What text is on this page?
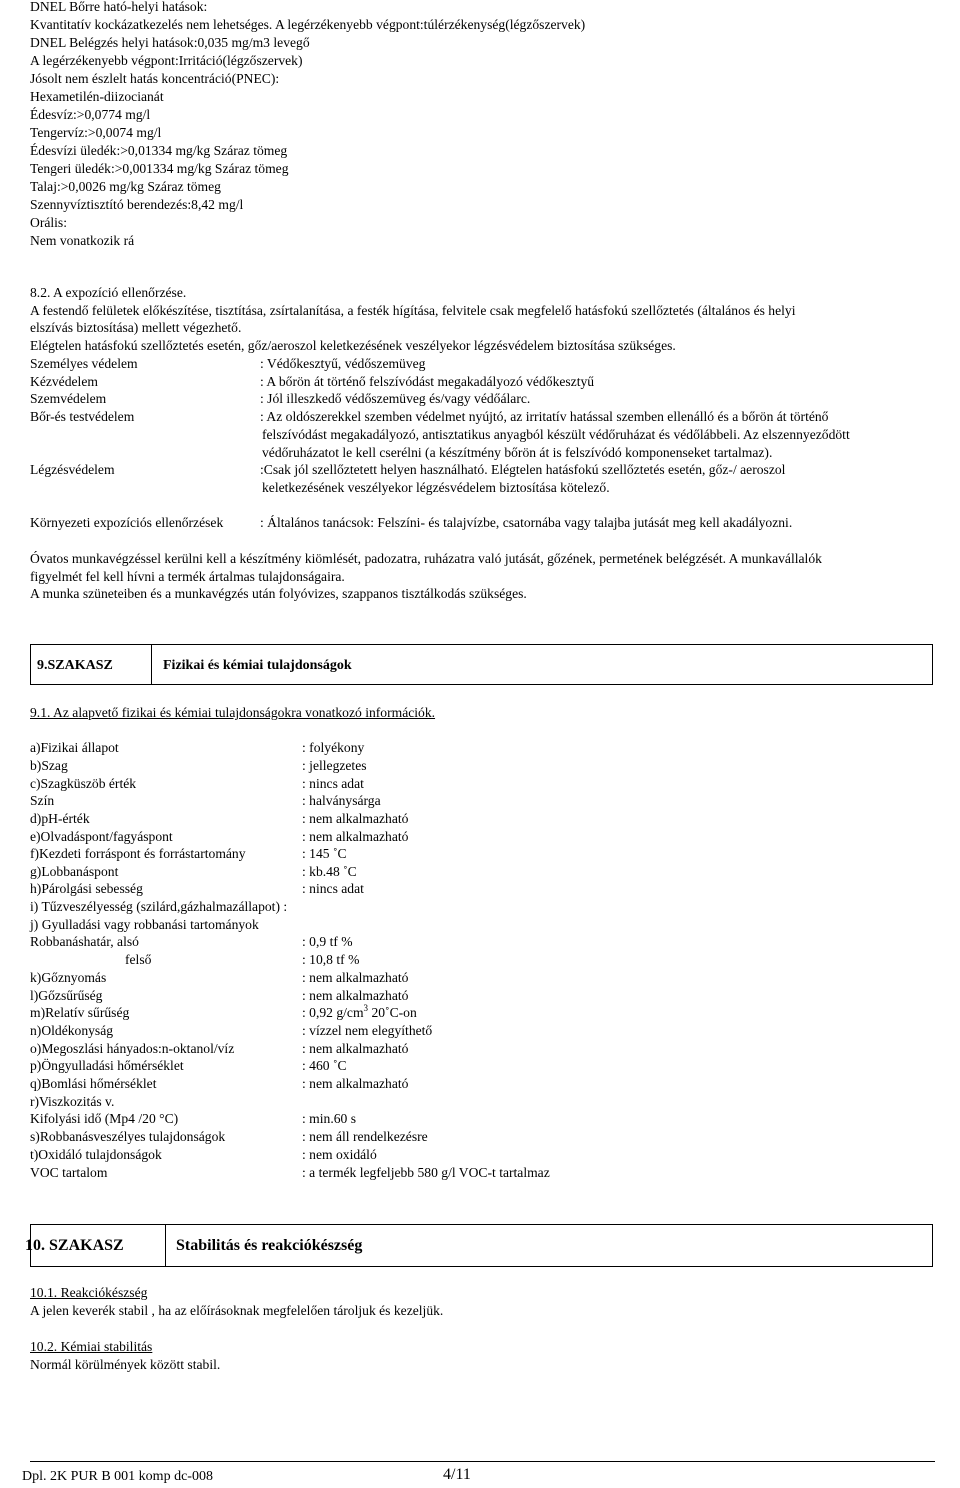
DNEL Bőrre ható-helyi hatások:
Kvantitatív kockázatkezelés nem lehetséges. A legérzékenyebb végpont:túlérzékenység(légzőszervek)
DNEL Belégzés helyi hatások:0,035 mg/m3 levegő
A legérzékenyebb végpont:Irritáció(légzőszervek)
Jósolt nem észlelt hatás koncentráció(PNEC):
Hexametilén-diizocianát
Édesvíz:>0,0774 mg/l
Tengervíz:>0,0074 mg/l
Édesvízi üledék:>0,01334 mg/kg Száraz tömeg
Tengeri üledék:>0,001334 mg/kg Száraz tömeg
Talaj:>0,0026 mg/kg Száraz tömeg
Szennyvíztisztító berendezés:8,42 mg/l
Orális:
Nem vonatkozik rá
8.2. A expozíció ellenőrzése.
A festendő felületek előkészítése, tisztítása, zsírtalanítása, a festék hígítása, felvitele csak megfelelő hatásfokú szellőztetés (általános és helyi
elszívás biztosítása) mellett végezhető.
Elégtelen hatásfokú szellőztetés esetén, gőz/aeroszol keletkezésének veszélyekor légzésvédelem biztosítása szükséges.
Személyes védelem	: Védőkesztyű, védőszemüveg
Kézvédelem	: A bőrön át történő felszívódást megakadályozó védőkesztyű
Szemvédelem	: Jól illeszkedő védőszemüveg és/vagy védőálarc.
Bőr-és testvédelem	: Az oldószerekkel szemben védelmet nyújtó, az irritatív hatással szemben ellenálló és a bőrön át történő
felszívódást megakadályozó, antisztatikus anyagból készült védőruházat és védőlábbeli. Az elszennyeződött
védőruházatot le kell cserélni (a készítmény bőrön át is felszívódó komponenseket tartalmaz).
Légzésvédelem	:Csak jól szellőztetett helyen használható. Elégtelen hatásfokú szellőztetés esetén, gőz-/ aeroszol
keletkezésének veszélyekor légzésvédelem biztosítása kötelező.
Környezeti expozíciós ellenőrzések	: Általános tanácsok: Felszíni- és talajvízbe, csatornába vagy talajba jutását meg kell akadályozni.
Óvatos munkavégzéssel kerülni kell a készítmény kiömlését, padozatra, ruházatra való jutását, gőzének, permetének belégzését. A munkavállalók
figyelmét fel kell hívni a termék ártalmas tulajdonságaira.
A munka szüneteiben és a munkavégzés után folyóvizes, szappanos tisztálkodás szükséges.
9.SZAKASZ	Fizikai és kémiai tulajdonságok
9.1. Az alapvető fizikai és kémiai tulajdonságokra vonatkozó információk.
a)Fizikai állapot	: folyékony
b)Szag	: jellegzetes
c)Szagküszöb érték	: nincs adat
Szín	: halványsárga
d)pH-érték	: nem alkalmazható
e)Olvadáspont/fagyáspont	: nem alkalmazható
f)Kezdeti forráspont és forrástartomány	: 145 ˚C
g)Lobbanáspont	: kb.48 ˚C
h)Párolgási sebesség	: nincs adat
i) Tűzveszélyesség (szilárd,gázhalmazállapot) :
j) Gyulladási vagy robbanási tartományok
Robbanáshatár, alsó	: 0,9 tf %
felső	: 10,8 tf %
k)Gőznyomás	: nem alkalmazható
l)Gőzsűrűség	: nem alkalmazható
m)Relatív sűrűség	: 0,92 $g/cm^3$ 20˚C-on
n)Oldékonyság	: vízzel nem elegyíthető
o)Megoszlási hányados:n-oktanol/víz	: nem alkalmazható
p)Öngyulladási hőmérséklet	: 460 ˚C
q)Bomlási hőmérséklet	: nem alkalmazható
r)Viszkozitás v.
Kifolyási idő (Mp4 /20 °C)	: min.60 s
s)Robbanásveszélyes tulajdonságok	: nem áll rendelkezésre
t)Oxidáló tulajdonságok	: nem oxidáló
VOC tartalom	: a termék legfeljebb 580 g/l VOC-t tartalmaz
10. SZAKASZ	Stabilitás és reakciókészség
10.1. Reakciókészség
A jelen keverék stabil , ha az előírásoknak megfelelően tároljuk és kezeljük.
10.2. Kémiai stabilitás
Normál körülmények között stabil.
Dpl. 2K PUR B 001 komp dc-008	4/11
